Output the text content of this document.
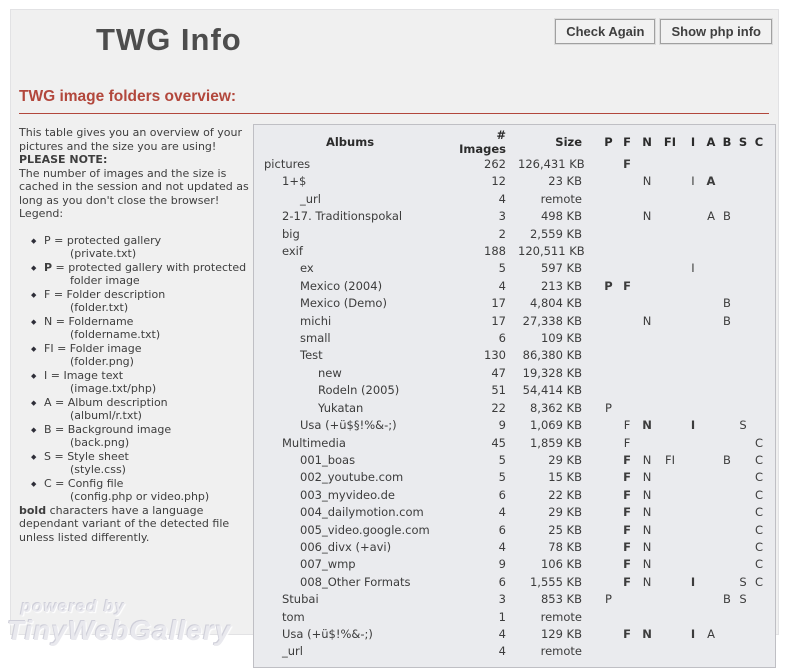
TWG Info	Check Again	Show php info
TWG image folders overview:

This table gives you an overview of your pictures and the size you are using!

PLEASE NOTE:

The number of images and the size is cached in the session and not updated as long as you don't close the browser!

Legend:

◆ P = protected gallery
(private.txt)
◆ P = protected gallery with protected folder image
◆ F = Folder description
(folder.txt)
◆ N = Foldername
(foldername.txt)
◆ FI = Folder image
(folder.png)
◆ I = Image text
(image.txt/php)
◆ A = Album description
(albuml/r.txt)
◆ B = Background image
(back.png)
◆ S = Style sheet
(style.css)
◆ C = Config file
(config.php or video.php)

bold characters have a language dependant variant of the detected file unless listed differently.

Albums	# Images	Size	P	F	N	FI	I	A	B	S	C	
pictures	262	126,431 KB		F								
1+$	12	23 KB			N		I	A				
_url	4	remote										
2-17. Traditionspokal	3	498 KB			N			A	B			
big	2	2,559 KB										
exif	188	120,511 KB										
ex	5	597 KB					I					
Mexico (2004)	4	213 KB	P	F								
Mexico (Demo)	17	4,804 KB							B			
michi	17	27,338 KB			N				B			
small	6	109 KB										
Test	130	86,380 KB										
new	47	19,328 KB										
Rodeln (2005)	51	54,414 KB										
Yukatan	22	8,362 KB	P									
Usa (+ü$§!%&-;)	9	1,069 KB		F	N		I			S		
Multimedia	45	1,859 KB		F							C	
001_boas	5	29 KB		F	N	FI			B		C	
002_youtube.com	5	15 KB		F	N						C	
003_myvideo.de	6	22 KB		F	N						C	
004_dailymotion.com	4	29 KB		F	N						C	
005_video.google.com	6	25 KB		F	N						C	
006_divx (+avi)	4	78 KB		F	N						C	
007_wmp	9	106 KB		F	N						C	
008_Other Formats	6	1,555 KB		F	N		I			S	C	
Stubai	3	853 KB	P						B	S		
tom	1	remote										
Usa (+ü$!%&-;)	4	129 KB		F	N		I	A				
_url	4	remote										
powered by
TinyWebGallery
